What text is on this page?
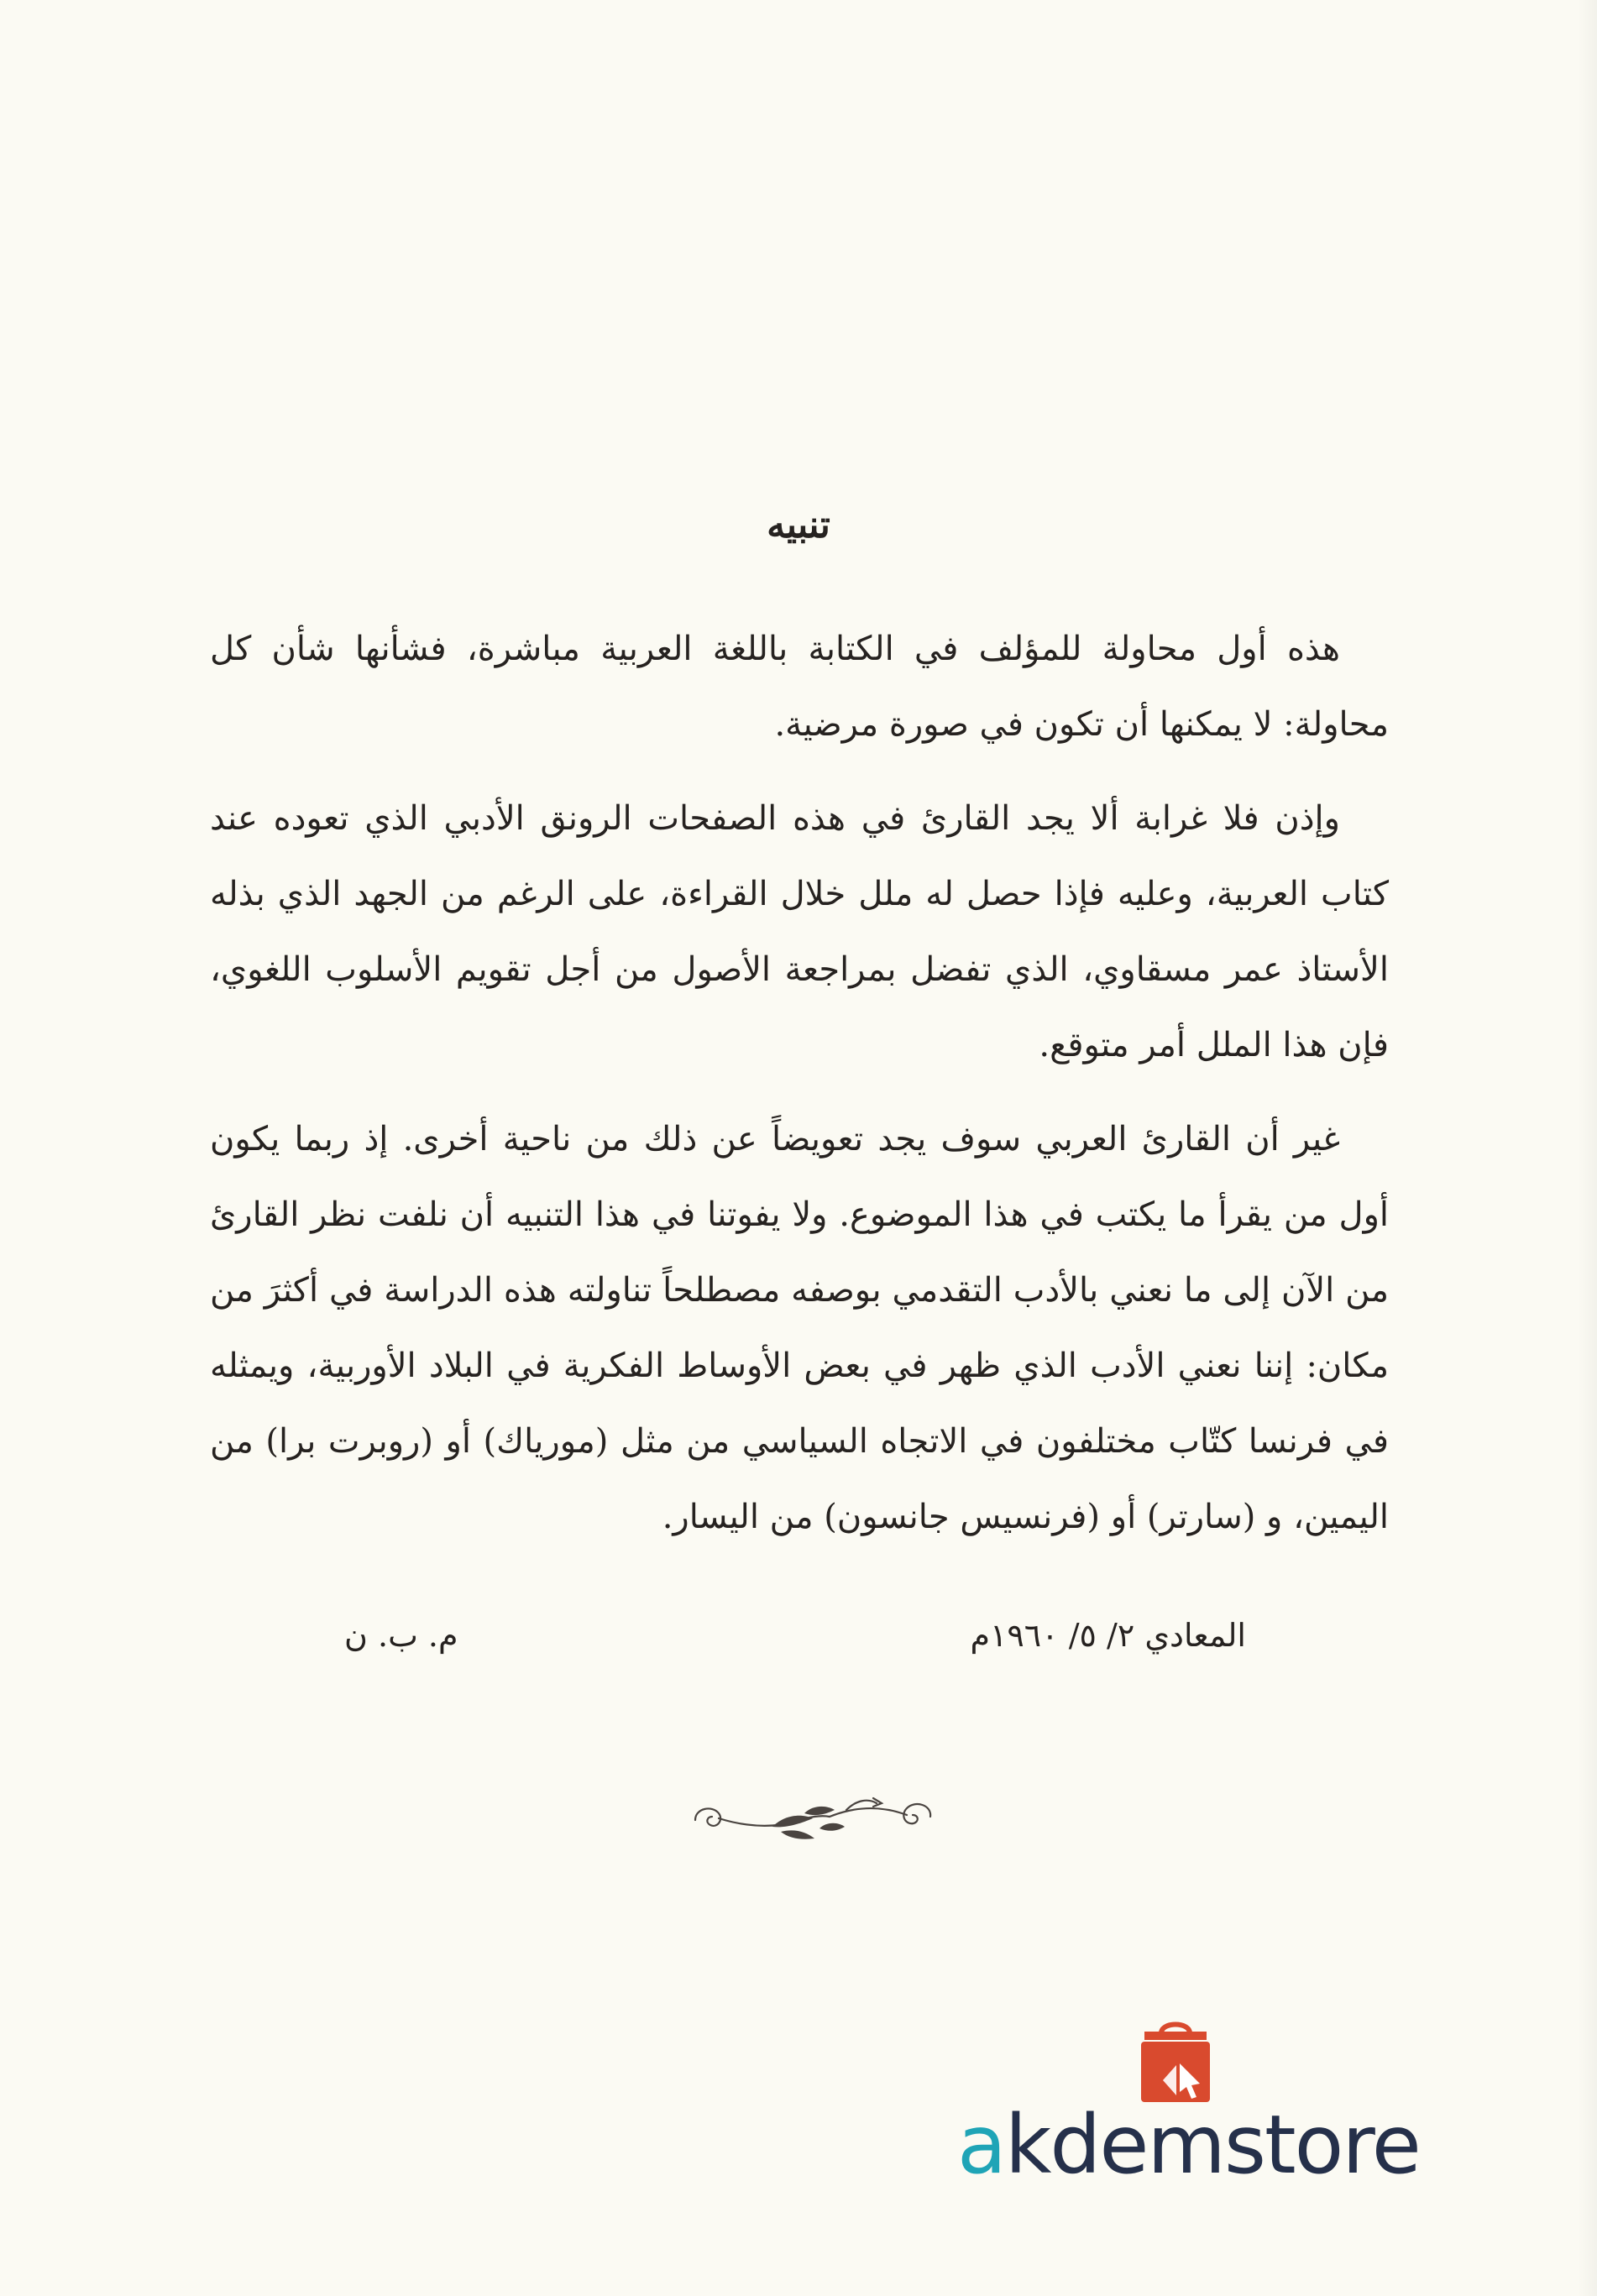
تنبيه

هذه أول محاولة للمؤلف في الكتابة باللغة العربية مباشرة، فشأنها شأن كل محاولة: لا يمكنها أن تكون في صورة مرضية.

وإذن فلا غرابة ألا يجد القارئ في هذه الصفحات الرونق الأدبي الذي تعوده عند كتاب العربية، وعليه فإذا حصل له ملل خلال القراءة، على الرغم من الجهد الذي بذله الأستاذ عمر مسقاوي، الذي تفضل بمراجعة الأصول من أجل تقويم الأسلوب اللغوي، فإن هذا الملل أمر متوقع.

غير أن القارئ العربي سوف يجد تعويضاً عن ذلك من ناحية أخرى. إذ ربما يكون أول من يقرأ ما يكتب في هذا الموضوع. ولا يفوتنا في هذا التنبيه أن نلفت نظر القارئ من الآن إلى ما نعني بالأدب التقدمي بوصفه مصطلحاً تناولته هذه الدراسة في أكثرَ من مكان: إننا نعني الأدب الذي ظهر في بعض الأوساط الفكرية في البلاد الأوربية، ويمثله في فرنسا كتّاب مختلفون في الاتجاه السياسي من مثل (مورياك) أو (روبرت برا) من اليمين، و (سارتر) أو (فرنسيس جانسون) من اليسار.

المعادي ٢/ ٥/ ١٩٦٠م
م. ب. ن
akdemstore
